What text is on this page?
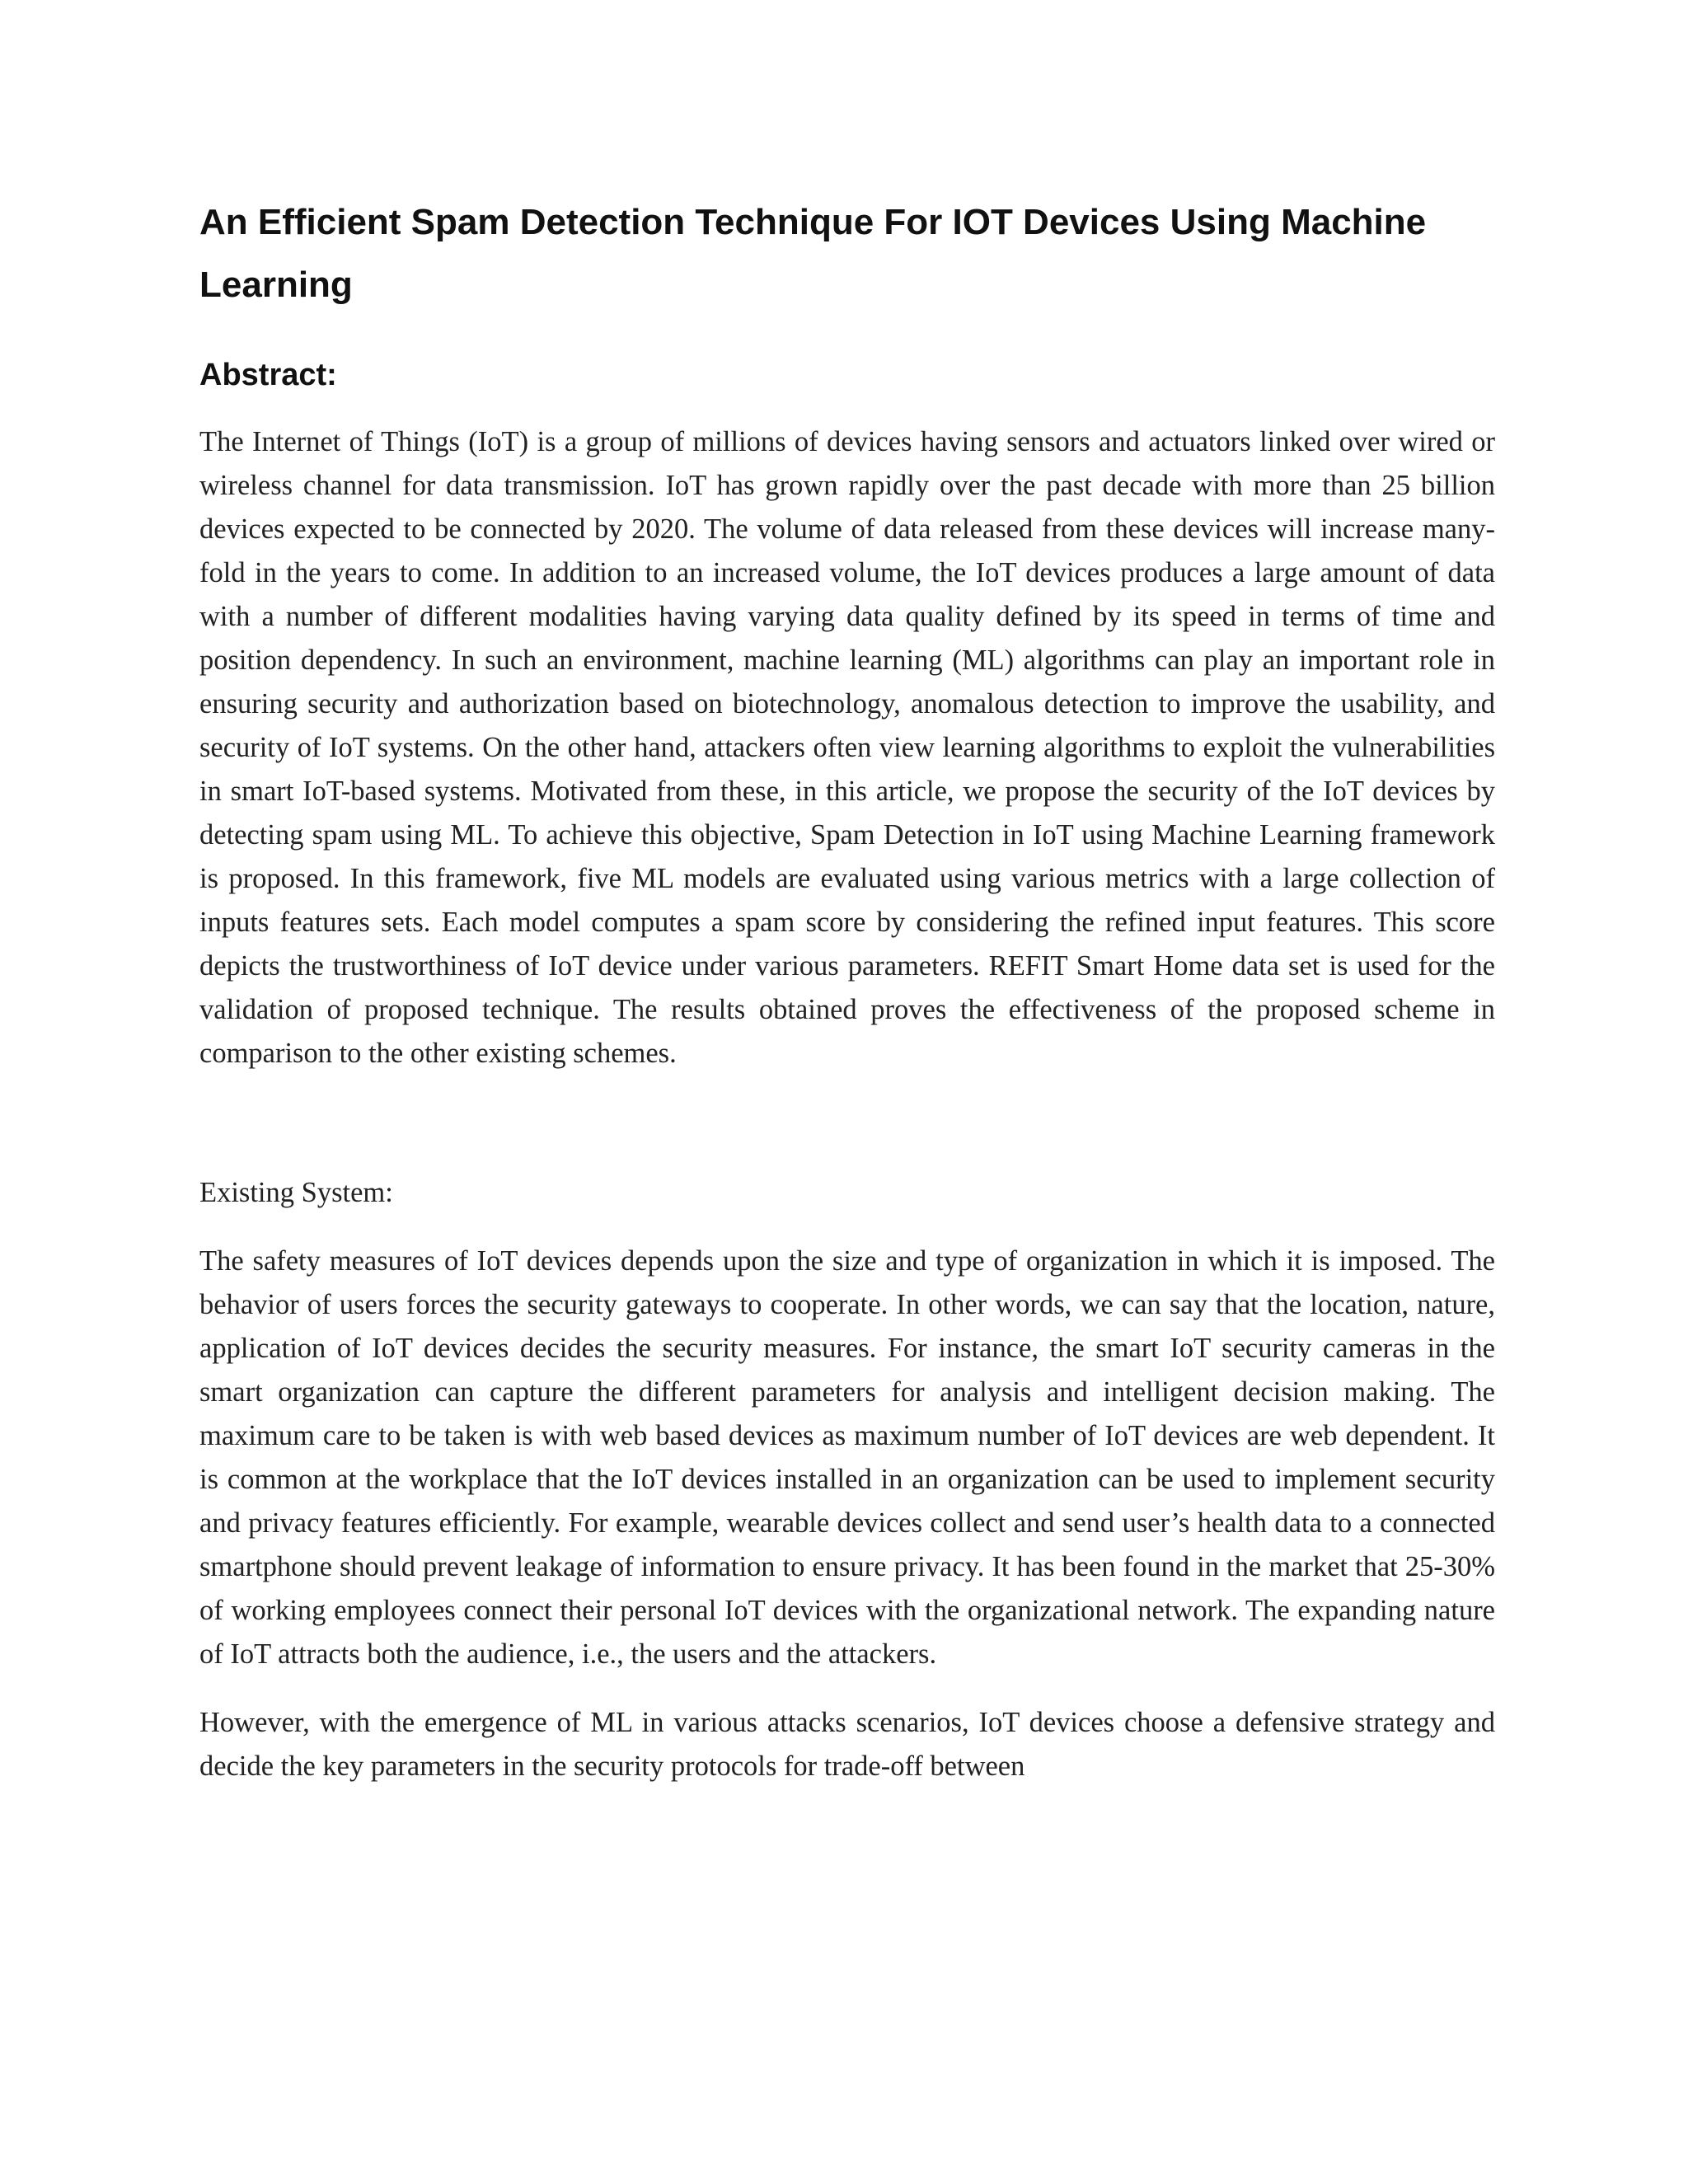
An Efficient Spam Detection Technique For IOT Devices Using Machine Learning
Abstract:

The Internet of Things (IoT) is a group of millions of devices having sensors and actuators linked over wired or wireless channel for data transmission. IoT has grown rapidly over the past decade with more than 25 billion devices expected to be connected by 2020. The volume of data released from these devices will increase many-fold in the years to come. In addition to an increased volume, the IoT devices produces a large amount of data with a number of different modalities having varying data quality defined by its speed in terms of time and position dependency. In such an environment, machine learning (ML) algorithms can play an important role in ensuring security and authorization based on biotechnology, anomalous detection to improve the usability, and security of IoT systems. On the other hand, attackers often view learning algorithms to exploit the vulnerabilities in smart IoT-based systems. Motivated from these, in this article, we propose the security of the IoT devices by detecting spam using ML. To achieve this objective, Spam Detection in IoT using Machine Learning framework is proposed. In this framework, five ML models are evaluated using various metrics with a large collection of inputs features sets. Each model computes a spam score by considering the refined input features. This score depicts the trustworthiness of IoT device under various parameters. REFIT Smart Home data set is used for the validation of proposed technique. The results obtained proves the effectiveness of the proposed scheme in comparison to the other existing schemes.

Existing System:

The safety measures of IoT devices depends upon the size and type of organization in which it is imposed. The behavior of users forces the security gateways to cooperate. In other words, we can say that the location, nature, application of IoT devices decides the security measures. For instance, the smart IoT security cameras in the smart organization can capture the different parameters for analysis and intelligent decision making. The maximum care to be taken is with web based devices as maximum number of IoT devices are web dependent. It is common at the workplace that the IoT devices installed in an organization can be used to implement security and privacy features efficiently. For example, wearable devices collect and send user’s health data to a connected smartphone should prevent leakage of information to ensure privacy. It has been found in the market that 25-30% of working employees connect their personal IoT devices with the organizational network. The expanding nature of IoT attracts both the audience, i.e., the users and the attackers.

However, with the emergence of ML in various attacks scenarios, IoT devices choose a defensive strategy and decide the key parameters in the security protocols for trade-off between
